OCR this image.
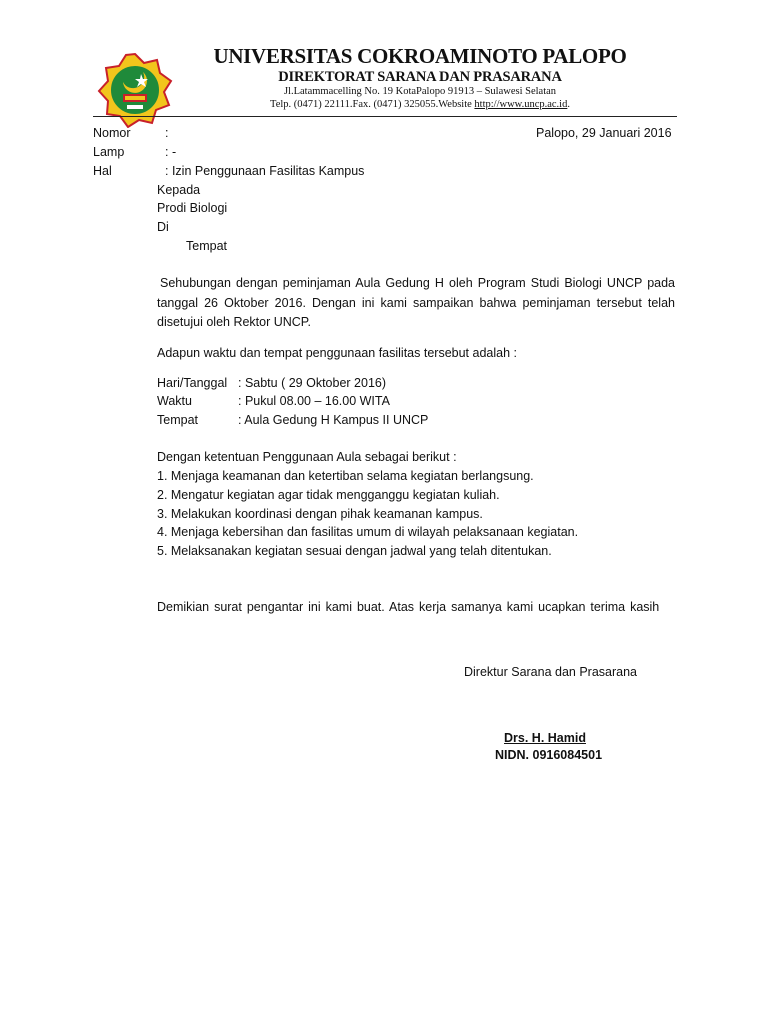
UNIVERSITAS COKROAMINOTO PALOPO
DIREKTORAT SARANA DAN PRASARANA
Jl.Latammacelling No. 19 KotaPalopo 91913 – Sulawesi Selatan
Telp. (0471) 22111.Fax. (0471) 325055.Website http://www.uncp.ac.id.
Nomor	:	Palopo, 29 Januari 2016
Lamp	: -
Hal	: Izin Penggunaan Fasilitas Kampus
Kepada
Prodi Biologi
Di
Tempat
Sehubungan dengan peminjaman Aula Gedung H oleh Program Studi Biologi UNCP pada tanggal 26 Oktober 2016. Dengan ini kami sampaikan bahwa peminjaman tersebut telah disetujui oleh Rektor UNCP.
Adapun waktu dan tempat penggunaan fasilitas tersebut adalah :
Hari/Tanggal : Sabtu ( 29 Oktober 2016)
Waktu	: Pukul 08.00 – 16.00 WITA
Tempat	: Aula Gedung H Kampus II UNCP
Dengan ketentuan Penggunaan Aula sebagai berikut :
1. Menjaga keamanan dan ketertiban selama kegiatan berlangsung.
2. Mengatur kegiatan agar tidak mengganggu kegiatan kuliah.
3. Melakukan koordinasi dengan pihak keamanan kampus.
4. Menjaga kebersihan dan fasilitas umum di wilayah pelaksanaan kegiatan.
5. Melaksanakan kegiatan sesuai dengan jadwal yang telah ditentukan.
Demikian surat pengantar ini kami buat. Atas kerja samanya kami ucapkan terima kasih
Direktur Sarana dan Prasarana
Drs. H. Hamid
NIDN. 0916084501
